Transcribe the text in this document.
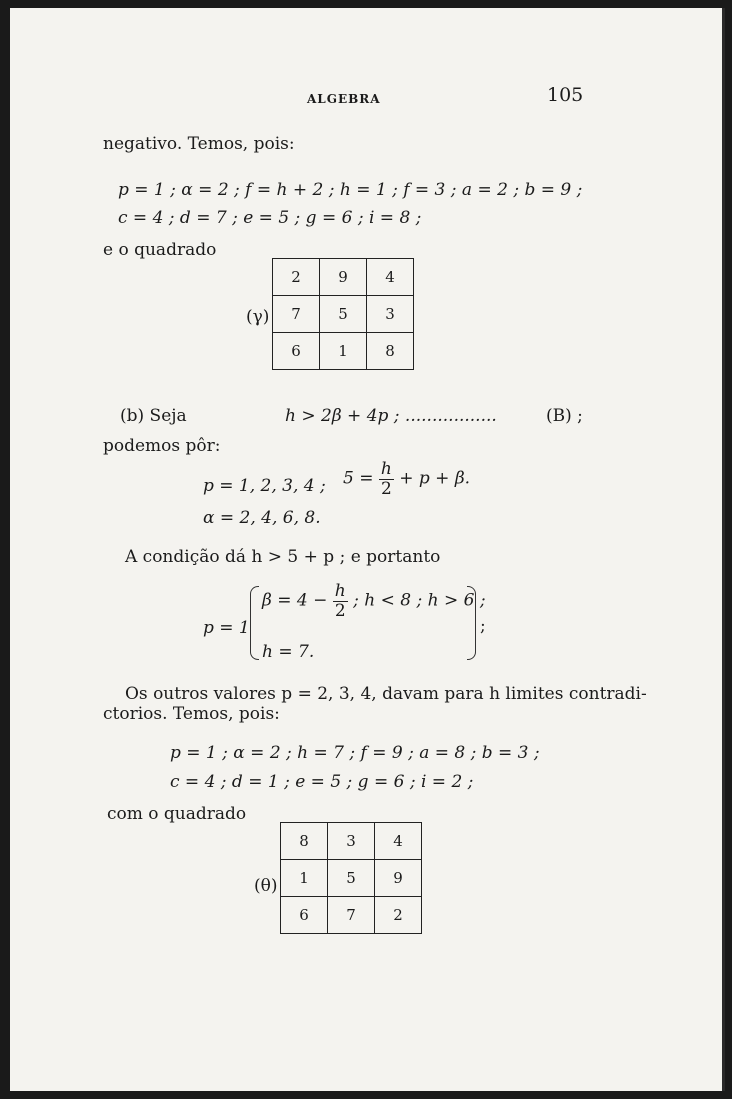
ALGEBRA	105
negativo. Temos, pois:
p = 1 ; α = 2 ; f = h + 2 ; h = 1 ; f = 3 ; a = 2 ; b = 9 ;
c = 4 ; d = 7 ; e = 5 ; g = 6 ; i = 8 ;
e o quadrado
(γ)
2	9	4
7	5	3
6	1	8
(b) Seja	h > 2β + 4p ; .................	(B) ;
podemos pôr:
p = 1, 2, 3, 4 ; $5 = \frac{h}{2} + p + \beta$.
α = 2, 4, 6, 8.
A condição dá h > 5 + p ; e portanto
p = 1
$\beta = 4 - \frac{h}{2}$ ; h < 8 ; h > 6 ;
h = 7.
;
Os outros valores p = 2, 3, 4, davam para h limites contradi-
ctorios. Temos, pois:
p = 1 ; α = 2 ; h = 7 ; f = 9 ; a = 8 ; b = 3 ;
c = 4 ; d = 1 ; e = 5 ; g = 6 ; i = 2 ;
com o quadrado
(θ)
8	3	4
1	5	9
6	7	2
